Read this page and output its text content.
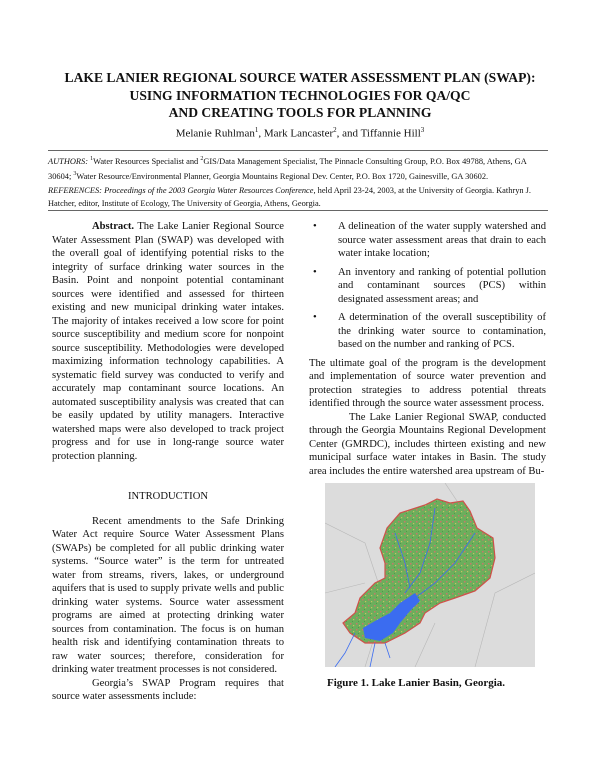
LAKE LANIER REGIONAL SOURCE WATER ASSESSMENT PLAN (SWAP):
USING INFORMATION TECHNOLOGIES FOR QA/QC
AND CREATING TOOLS FOR PLANNING
Melanie Ruhlman$^1$, Mark Lancaster$^2$, and Tiffannie Hill$^3$
AUTHORS: $^1$Water Resources Specialist and $^2$GIS/Data Management Specialist, The Pinnacle Consulting Group, P.O. Box 49788, Athens, GA 30604; $^3$Water Resource/Environmental Planner, Georgia Mountains Regional Dev. Center, P.O. Box 1720, Gainesville, GA 30602.
REFERENCES: Proceedings of the 2003 Georgia Water Resources Conference, held April 23-24, 2003, at the University of Georgia. Kathryn J. Hatcher, editor, Institute of Ecology, The University of Georgia, Athens, Georgia.

Abstract. The Lake Lanier Regional Source Water Assessment Plan (SWAP) was developed with the overall goal of identifying potential risks to the integrity of surface drinking water sources in the Basin. Point and nonpoint potential contaminant sources were identified and assessed for thirteen existing and new municipal drinking water intakes. The majority of intakes received a low score for point source susceptibility and medium score for nonpoint source susceptibility. Methodologies were developed maximizing information technology capabilities. A systematic field survey was conducted to verify and accurately map contaminant source locations. An automated susceptibility analysis was created that can be easily updated by utility managers. Interactive watershed maps were also developed to track project progress and for use in long-range source water protection planning.

INTRODUCTION

Recent amendments to the Safe Drinking Water Act require Source Water Assessment Plans (SWAPs) be completed for all public drinking water systems. “Source water” is the term for untreated water from streams, rivers, lakes, or underground aquifers that is used to supply private wells and public drinking water systems. Source water assessment programs are aimed at protecting drinking water sources from contamination. The focus is on human health risk and identifying contamination threats to raw water sources; therefore, consideration for drinking water treatment processes is not considered.

Georgia’s SWAP Program requires that source water assessments include:

• A delineation of the water supply watershed and source water assessment areas that drain to each water intake location;
• An inventory and ranking of potential pollution and contaminant sources (PCS) within designated assessment areas; and
• A determination of the overall susceptibility of the drinking water source to contamination, based on the number and ranking of PCS.

The ultimate goal of the program is the development and implementation of source water prevention and protection strategies to address potential threats identified through the source water assessment process.

The Lake Lanier Regional SWAP, conducted through the Georgia Mountains Regional Development Center (GMRDC), includes thirteen existing and new municipal surface water intakes in Basin. The study area includes the entire watershed area upstream of Bu-

Figure 1. Lake Lanier Basin, Georgia.
